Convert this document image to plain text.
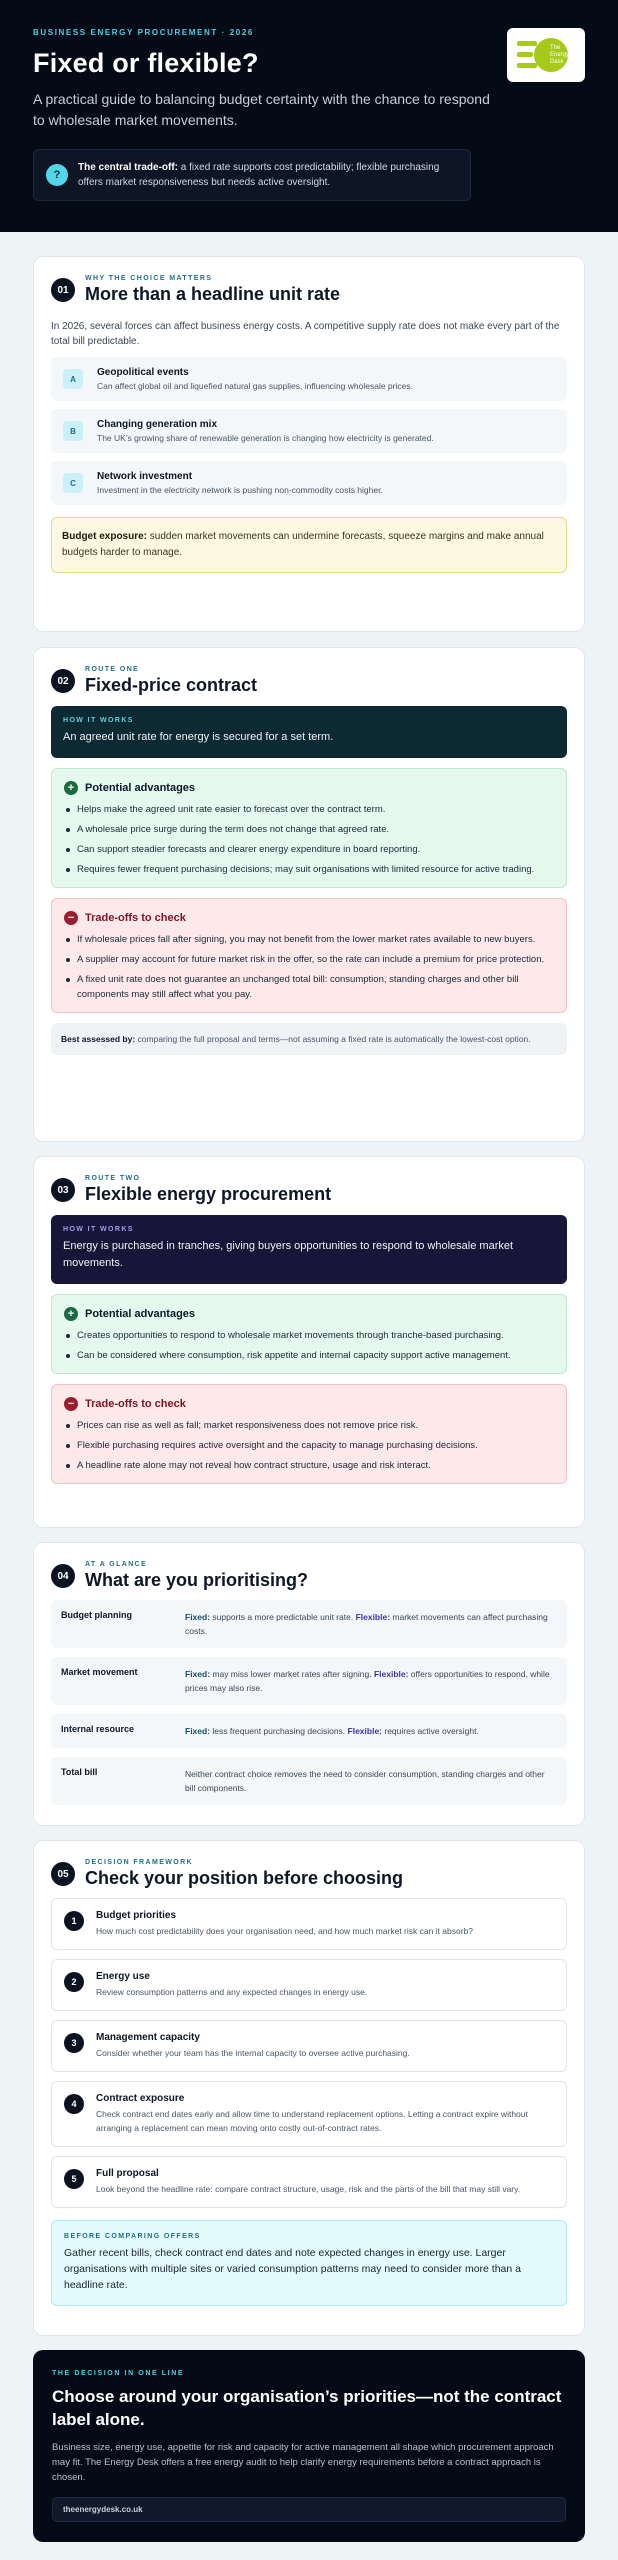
BUSINESS ENERGY PROCUREMENT · 2026
Fixed or flexible?

A practical guide to balancing budget certainty with the chance to respond to wholesale market movements.

?

The central trade-off: a fixed rate supports cost predictability; flexible purchasing offers market responsiveness but needs active oversight.

The
Energy
Desk
01
WHY THE CHOICE MATTERS
More than a headline unit rate

In 2026, several forces can affect business energy costs. A competitive supply rate does not make every part of the total bill predictable.

A
Geopolitical events
Can affect global oil and liquefied natural gas supplies, influencing wholesale prices.
B
Changing generation mix
The UK’s growing share of renewable generation is changing how electricity is generated.
C
Network investment
Investment in the electricity network is pushing non-commodity costs higher.
Budget exposure: sudden market movements can undermine forecasts, squeeze margins and make annual budgets harder to manage.
02
ROUTE ONE
Fixed-price contract
HOW IT WORKS
An agreed unit rate for energy is secured for a set term.
+ Potential advantages
Helps make the agreed unit rate easier to forecast over the contract term.
A wholesale price surge during the term does not change that agreed rate.
Can support steadier forecasts and clearer energy expenditure in board reporting.
Requires fewer frequent purchasing decisions; may suit organisations with limited resource for active trading.
− Trade-offs to check
If wholesale prices fall after signing, you may not benefit from the lower market rates available to new buyers.
A supplier may account for future market risk in the offer, so the rate can include a premium for price protection.
A fixed unit rate does not guarantee an unchanged total bill: consumption, standing charges and other bill components may still affect what you pay.
Best assessed by: comparing the full proposal and terms—not assuming a fixed rate is automatically the lowest-cost option.
03
ROUTE TWO
Flexible energy procurement
HOW IT WORKS
Energy is purchased in tranches, giving buyers opportunities to respond to wholesale market movements.
+ Potential advantages
Creates opportunities to respond to wholesale market movements through tranche-based purchasing.
Can be considered where consumption, risk appetite and internal capacity support active management.
− Trade-offs to check
Prices can rise as well as fall; market responsiveness does not remove price risk.
Flexible purchasing requires active oversight and the capacity to manage purchasing decisions.
A headline rate alone may not reveal how contract structure, usage and risk interact.
04
AT A GLANCE
What are you prioritising?
Budget planning	Fixed: supports a more predictable unit rate. Flexible: market movements can affect purchasing costs.
Market movement	Fixed: may miss lower market rates after signing. Flexible: offers opportunities to respond, while prices may also rise.
Internal resource	Fixed: less frequent purchasing decisions. Flexible: requires active oversight.
Total bill	Neither contract choice removes the need to consider consumption, standing charges and other bill components.
05
DECISION FRAMEWORK
Check your position before choosing
1	Budget priorities
How much cost predictability does your organisation need, and how much market risk can it absorb?
2	Energy use
Review consumption patterns and any expected changes in energy use.
3	Management capacity
Consider whether your team has the internal capacity to oversee active purchasing.
4	Contract exposure
Check contract end dates early and allow time to understand replacement options. Letting a contract expire without arranging a replacement can mean moving onto costly out-of-contract rates.
5	Full proposal
Look beyond the headline rate: compare contract structure, usage, risk and the parts of the bill that may still vary.
BEFORE COMPARING OFFERS
Gather recent bills, check contract end dates and note expected changes in energy use. Larger organisations with multiple sites or varied consumption patterns may need to consider more than a headline rate.
THE DECISION IN ONE LINE
Choose around your organisation’s priorities—not the contract label alone.

Business size, energy use, appetite for risk and capacity for active management all shape which procurement approach may fit. The Energy Desk offers a free energy audit to help clarify energy requirements before a contract approach is chosen.

theenergydesk.co.uk
